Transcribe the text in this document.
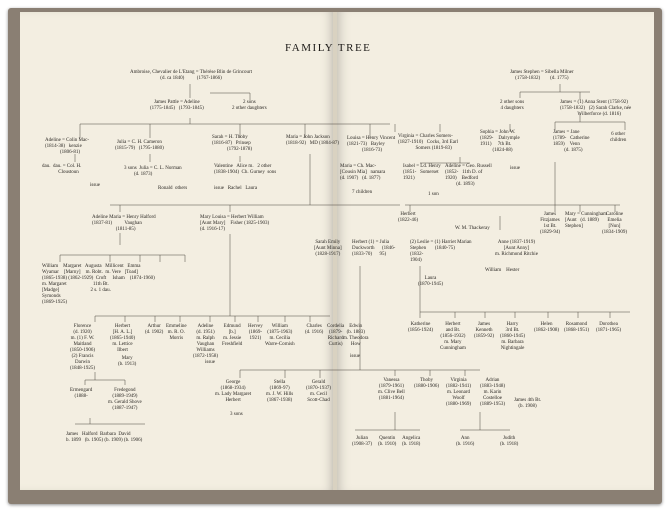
FAMILY TREE
Ambroise, Chevalier de L'Etang = Thérèse Blin de Grincourt
(d. ca 1840)          (1767-1866)
James Pattle = Adeline
(1775-1845)   (1793-1845)
2 sons
2 other daughters
Adeline = Colin Mac-
(1814-38)   kenzie
(1806-81)
Julia = C. H. Cameron
(1815-79)   (1795-1880)
Sarah = H. Thoby
(1816-87)   Prinsep
(1792-1878)
Maria = John Jackson
(1818-92)   MD (1804-87)
Louisa = Henry Vincent
(1821-73)   Bayley
(1816-73)
Virginia = Charles Somers-
(1827-1910)   Cocks, 3rd Earl
Somers (1819-83)
Sophia = John W.
(1829-    Dalrymple
1911)     7th Bt.
(1824-88)
dau.  dau. = Col. H.
Cloustoun
issue
3 sons  Julia = C. L. Norman
(d. 1873)
Ronald  others
Valentine   Alice m.   2 other
(1838-1904)  Ch. Gurney  sons
issue   Rachel   Laura
Maria = Ch. Mac-
[Cousin Mia]   namara
(d. 1907)   (d. 1877)
7 children
Isabel = Ld. Henry
(1851-   Somerset
1921)
Adeline = Geo. Russell
(1852-   11th D. of
1920)    Bedford
(d. 1893)
issue
1 son
James Stephen = Sibella Milner
(1758-1832)        (d. 1775)
2 other sons
4 daughters
James = (1) Anna Stent (1758-92)
(1758-1832)   (2) Sarah Clarke, née
Wilberforce (d. 1816)
James = Jane
(1789-   Catherine
1859)    Venn
(d. 1875)
6 other
children
Adeline Maria = Henry Halford
(1837-81)          Vaughan
(1811-85)
Mary Louisa = Herbert William
[Aunt Mary]    Fisher (1825-1903)
(d. 1916-17)
Herbert
(1822-46)
W. M. Thackeray
James
Fitzjames
1st Bt.
(1829-94)
Mary = Cunningham
[Aunt   (d. 1889)
Stephen]
Caroline
Emelia
[Nun]
(1834-1909)
Sarah Emily
[Aunt Minna]
(1828-1917)
Herbert (1) = Julia
Duckworth      (1846-
(1833-70)      95)
(2) Leslie = (1) Harriet Marian
Stephen       (1840-75)
(1832-
1904)
Anne (1837-1919)
[Aunt Anny]
m. Richmond Ritchie
Laura
(1870-1945)
William    Hester
William    Margaret   Augusta   Millicent   Emma
Wyamar    [Marny]    m. Robt.  m. Vere   [Toad]
(1865-1938) (1862-1929)  Croft     Isham    (1874-1960)
m. Margaret                     11th Bt.
[Madge]                         2 s. 1 dau.
Symonds
(1869-1925)
Florence
(d. 1920)
m. (1) F. W.
Maitland
(1850-1906)
(2) Francis
Darwin
(1848-1925)
Herbert
[H. A. L.]
(1865-1940)
m. Lettice
Ilbert
Mary
(b. 1913)
Arthur
(d. 1902)
Emmeline
m. R. O.
Morris
Adeline
(d. 1951)
m. Ralph
Vaughan
Williams
(1872-1958)
Edmund
[b.]
m. Jessie
Freshfield
Hervey
(1869-
1921)
William
(1875-1963)
m. Cecilia
Warre-Cornish
Charles
(d. 1916)
Cordelia
(1879-
Richard
Curtis)
Edwin
(b. 1883)
m. Theodora
How
issue
issue
Katherine
(1856-1924)
Herbert
and Bt.
(1856-1932)
m. Mary
Cunningham
James
Kenneth
(1859-92)
Harry
3rd Bt.
(1860-1945)
m. Barbara
Nightingale
Helen
(1862-1908)
Rosamond
(1868-1951)
Dorothea
(1871-1965)
Ermengard
(1888-
Fredegond
(1889-1949)
m. Gerald Shove
(1887-1947)
George
(1868-1934)
m. Lady Margaret
Herbert
3 sons
Stella
(1869-97)
m. J. W. Hills
(1867-1938)
Gerald
(1870-1937)
m. Cecil
Scott-Chad
Vanessa
(1879-1961)
m. Clive Bell
(1881-1964)
Thoby
(1880-1906)
Virginia
(1882-1941)
m. Leonard
Woolf
(1880-1969)
Adrian
(1883-1948)
m. Karin
Costelloe
(1889-1953)
James 4th Bt.
(b. 1908)
James   Halford  Barbara  David
b. 1899   (b. 1905) (b. 1909) (b. 1906)	Julian
(1908-37)
Quentin
(b. 1910)
Angelica
(b. 1918)
Ann
(b. 1916)
Judith
(b. 1918)
